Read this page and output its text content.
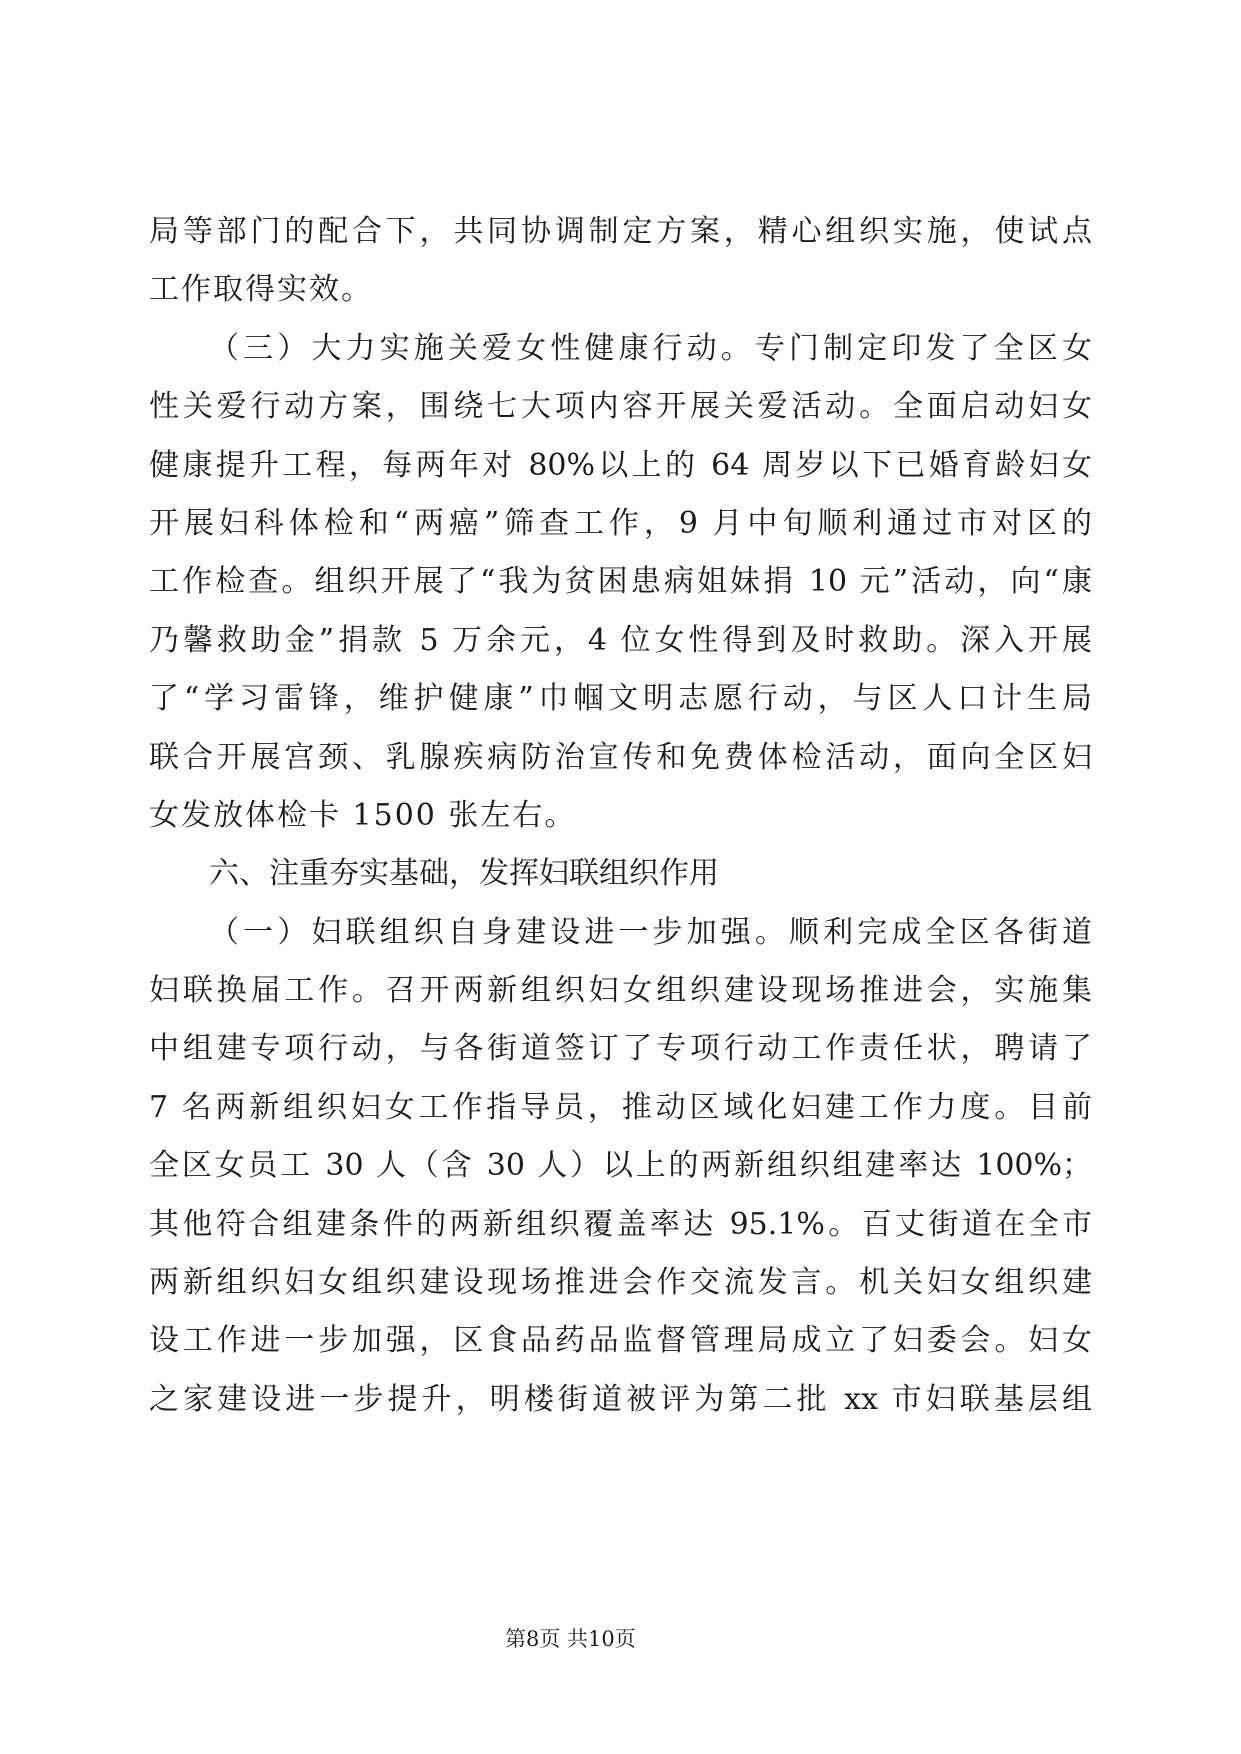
局等部门的配合下，共同协调制定方案，精心组织实施，使试点
工作取得实效。
（三）大力实施关爱女性健康行动。专门制定印发了全区女
性关爱行动方案，围绕七大项内容开展关爱活动。全面启动妇女
健康提升工程，每两年对 80%以上的 64 周岁以下已婚育龄妇女
开展妇科体检和“两癌”筛查工作，9 月中旬顺利通过市对区的
工作检查。组织开展了“我为贫困患病姐妹捐 10 元”活动，向“康
乃馨救助金”捐款 5 万余元，4 位女性得到及时救助。深入开展
了“学习雷锋，维护健康”巾帼文明志愿行动，与区人口计生局
联合开展宫颈、乳腺疾病防治宣传和免费体检活动，面向全区妇
女发放体检卡 1500 张左右。
六、注重夯实基础，发挥妇联组织作用
（一）妇联组织自身建设进一步加强。顺利完成全区各街道
妇联换届工作。召开两新组织妇女组织建设现场推进会，实施集
中组建专项行动，与各街道签订了专项行动工作责任状，聘请了
7 名两新组织妇女工作指导员，推动区域化妇建工作力度。目前
全区女员工 30 人（含 30 人）以上的两新组织组建率达 100%；
其他符合组建条件的两新组织覆盖率达 95.1%。百丈街道在全市
两新组织妇女组织建设现场推进会作交流发言。机关妇女组织建
设工作进一步加强，区食品药品监督管理局成立了妇委会。妇女
之家建设进一步提升，明楼街道被评为第二批 xx 市妇联基层组
第8页 共10页
